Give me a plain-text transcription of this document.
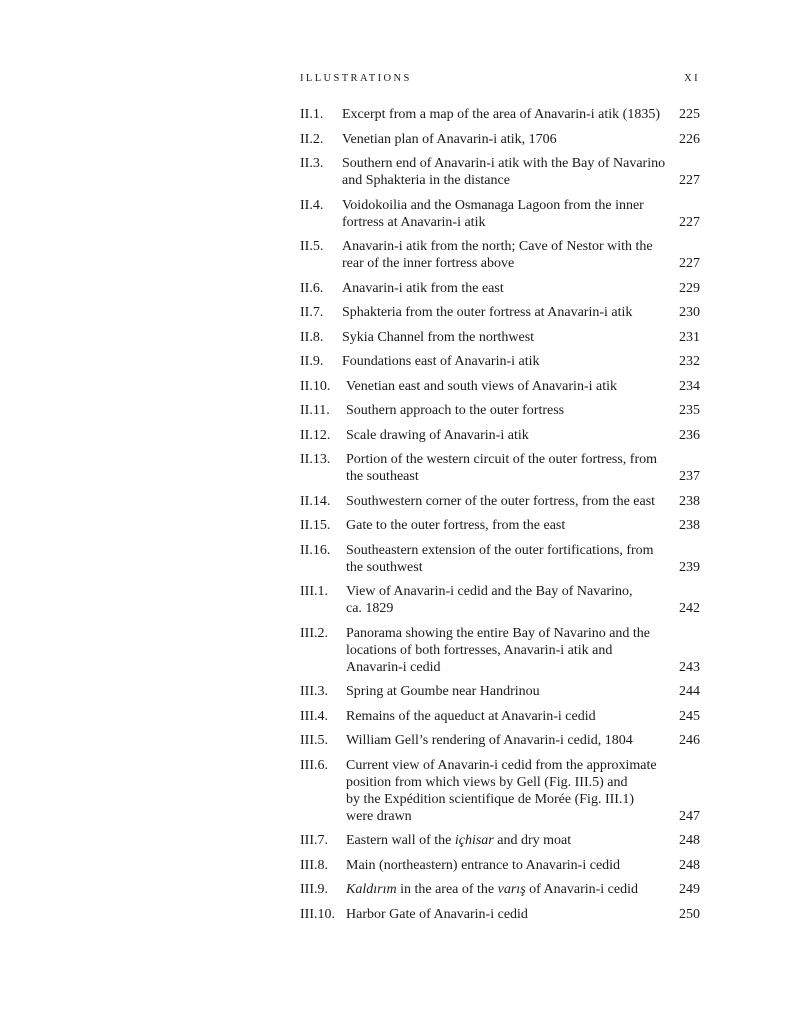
ILLUSTRATIONS	XI
II.1.	Excerpt from a map of the area of Anavarin-i atik (1835)	225
II.2.	Venetian plan of Anavarin-i atik, 1706	226
II.3.	Southern end of Anavarin-i atik with the Bay of Navarino
and Sphakteria in the distance	227
II.4.	Voidokoilia and the Osmanaga Lagoon from the inner
fortress at Anavarin-i atik	227
II.5.	Anavarin-i atik from the north; Cave of Nestor with the
rear of the inner fortress above	227
II.6.	Anavarin-i atik from the east	229
II.7.	Sphakteria from the outer fortress at Anavarin-i atik	230
II.8.	Sykia Channel from the northwest	231
II.9.	Foundations east of Anavarin-i atik	232
II.10.	Venetian east and south views of Anavarin-i atik	234
II.11.	Southern approach to the outer fortress	235
II.12.	Scale drawing of Anavarin-i atik	236
II.13.	Portion of the western circuit of the outer fortress, from
the southeast	237
II.14.	Southwestern corner of the outer fortress, from the east	238
II.15.	Gate to the outer fortress, from the east	238
II.16.	Southeastern extension of the outer fortifications, from
the southwest	239
III.1.	View of Anavarin-i cedid and the Bay of Navarino,
ca. 1829	242
III.2.	Panorama showing the entire Bay of Navarino and the
locations of both fortresses, Anavarin-i atik and
Anavarin-i cedid	243
III.3.	Spring at Goumbe near Handrinou	244
III.4.	Remains of the aqueduct at Anavarin-i cedid	245
III.5.	William Gell’s rendering of Anavarin-i cedid, 1804	246
III.6.	Current view of Anavarin-i cedid from the approximate
position from which views by Gell (Fig. III.5) and
by the Expédition scientifique de Morée (Fig. III.1)
were drawn	247
III.7.	Eastern wall of the içhisar and dry moat	248
III.8.	Main (northeastern) entrance to Anavarin-i cedid	248
III.9.	Kaldırım in the area of the varış of Anavarin-i cedid	249
III.10. Harbor Gate of Anavarin-i cedid	250
